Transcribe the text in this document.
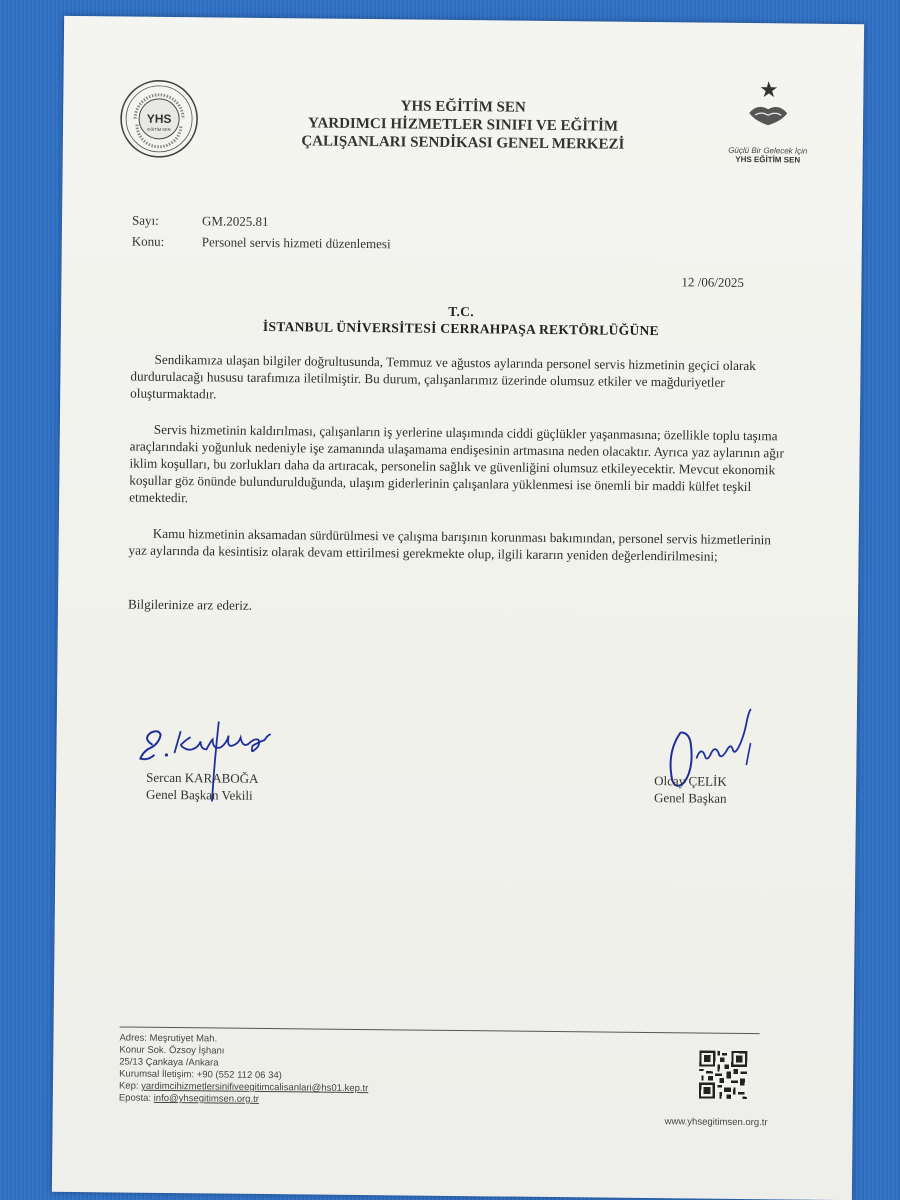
YHS
EĞİTİM SEN
YHS EĞİTİM SEN
YARDIMCI HİZMETLER SINIFI VE EĞİTİM
ÇALIŞANLARI SENDİKASI GENEL MERKEZİ	Güçlü Bir Gelecek İçin
YHS EĞİTİM SEN
Sayı:	GM.2025.81
Konu:	Personel servis hizmeti düzenlemesi
12 /06/2025
T.C.
İSTANBUL ÜNİVERSİTESİ CERRAHPAŞA REKTÖRLÜĞÜNE
Sendikamıza ulaşan bilgiler doğrultusunda, Temmuz ve ağustos aylarında personel servis hizmetinin geçici olarak durdurulacağı hususu tarafımıza iletilmiştir. Bu durum, çalışanlarımız üzerinde olumsuz etkiler ve mağduriyetler oluşturmaktadır.
Servis hizmetinin kaldırılması, çalışanların iş yerlerine ulaşımında ciddi güçlükler yaşanmasına; özellikle toplu taşıma araçlarındaki yoğunluk nedeniyle işe zamanında ulaşamama endişesinin artmasına neden olacaktır. Ayrıca yaz aylarının ağır iklim koşulları, bu zorlukları daha da artıracak, personelin sağlık ve güvenliğini olumsuz etkileyecektir. Mevcut ekonomik koşullar göz önünde bulundurulduğunda, ulaşım giderlerinin çalışanlara yüklenmesi ise önemli bir maddi külfet teşkil etmektedir.
Kamu hizmetinin aksamadan sürdürülmesi ve çalışma barışının korunması bakımından, personel servis hizmetlerinin yaz aylarında da kesintisiz olarak devam ettirilmesi gerekmekte olup, ilgili kararın yeniden değerlendirilmesini;
Bilgilerinize arz ederiz.
Sercan KARABOĞA
Genel Başkan Vekili
Olcay ÇELİK
Genel Başkan
Adres: Meşrutiyet Mah.
Konur Sok. Özsoy İşhanı
25/13 Çankaya /Ankara
Kurumsal İletişim: +90 (552 112 06 34)
Kep: yardimcihizmetlersinifiveegitimcalisanlari@hs01.kep.tr
Eposta: info@yhsegitimsen.org.tr
www.yhsegitimsen.org.tr
